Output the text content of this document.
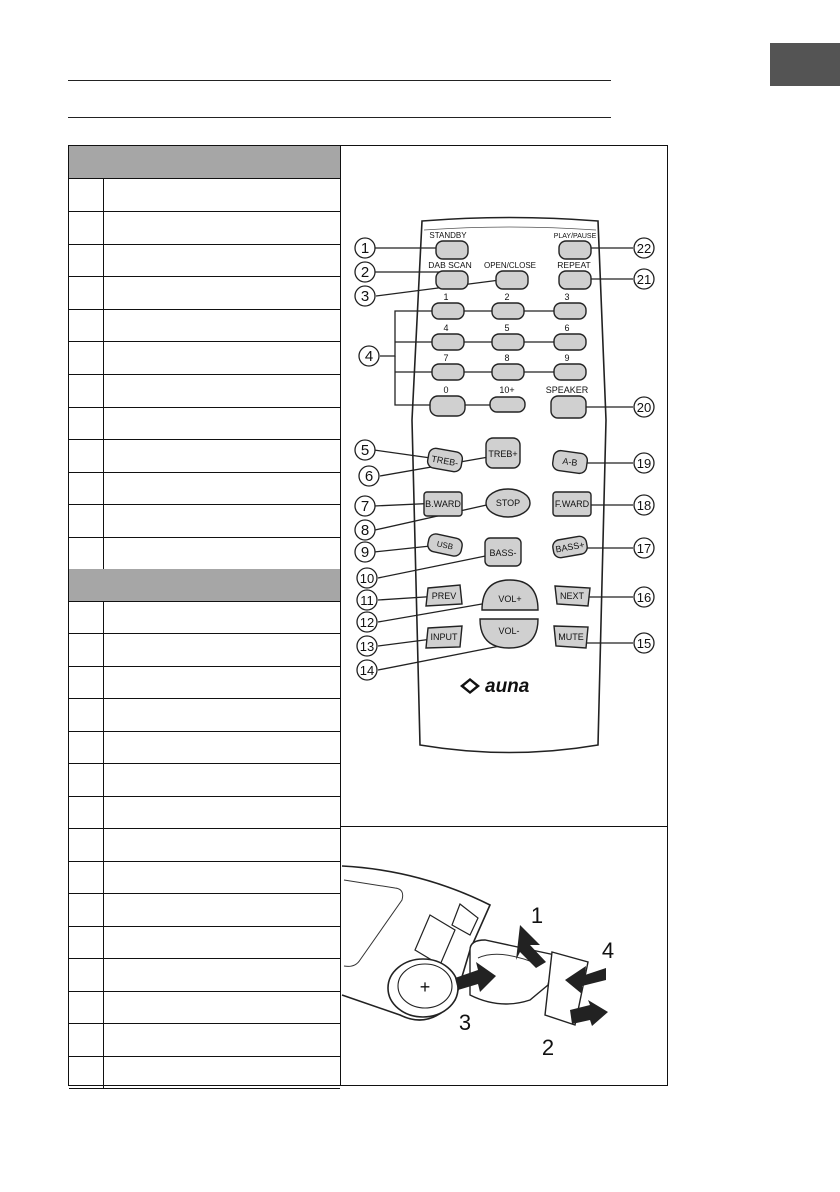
STANDBY	PLAY/PAUSE
DAB SCAN OPEN/CLOSE	REPEAT
1	2	3
4	5	6
7	8	9
0	10+	SPEAKER
TREB-	TREB+
A-B
B.WARD	STOP	F.WARD
USB
BASS-	BASS+
PREV	VOL+	NEXT
INPUT
VOL-
MUTE
auna
1
2
3
4
5
6
7
8
9
10
11
12
13
14
15
16
17
18
19
20
21
22
+
1
2
3
4
